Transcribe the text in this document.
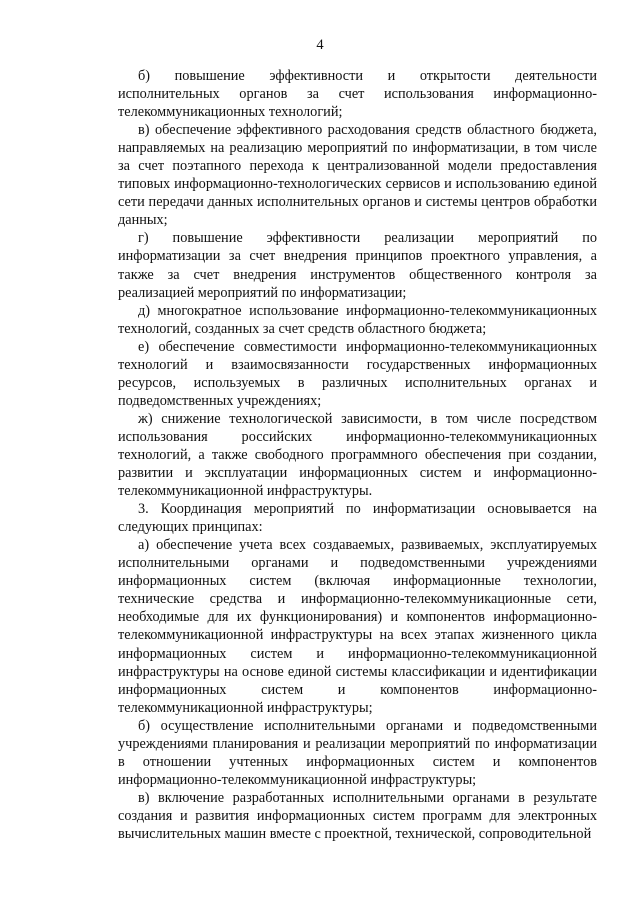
4

б) повышение эффективности и открытости деятельности исполнительных органов за счет использования информационно-телекоммуникационных технологий;

в) обеспечение эффективного расходования средств областного бюджета, направляемых на реализацию мероприятий по информатизации, в том числе за счет поэтапного перехода к централизованной модели предоставления типовых информационно-технологических сервисов и использованию единой сети передачи данных исполнительных органов и системы центров обработки данных;

г) повышение эффективности реализации мероприятий по информатизации за счет внедрения принципов проектного управления, а также за счет внедрения инструментов общественного контроля за реализацией мероприятий по информатизации;

д) многократное использование информационно-телекоммуникационных технологий, созданных за счет средств областного бюджета;

е) обеспечение совместимости информационно-телекоммуникационных технологий и взаимосвязанности государственных информационных ресурсов, используемых в различных исполнительных органах и подведомственных учреждениях;

ж) снижение технологической зависимости, в том числе посредством использования российских информационно-телекоммуникационных технологий, а также свободного программного обеспечения при создании, развитии и эксплуатации информационных систем и информационно-телекоммуникационной инфраструктуры.

3. Координация мероприятий по информатизации основывается на следующих принципах:

а) обеспечение учета всех создаваемых, развиваемых, эксплуатируемых исполнительными органами и подведомственными учреждениями информационных систем (включая информационные технологии, технические средства и информационно-телекоммуникационные сети, необходимые для их функционирования) и компонентов информационно-телекоммуникационной инфраструктуры на всех этапах жизненного цикла информационных систем и информационно-телекоммуникационной инфраструктуры на основе единой системы классификации и идентификации информационных систем и компонентов информационно-телекоммуникационной инфраструктуры;

б) осуществление исполнительными органами и подведомственными учреждениями планирования и реализации мероприятий по информатизации в отношении учтенных информационных систем и компонентов информационно-телекоммуникационной инфраструктуры;

в) включение разработанных исполнительными органами в результате создания и развития информационных систем программ для электронных вычислительных машин вместе с проектной, технической, сопроводительной
